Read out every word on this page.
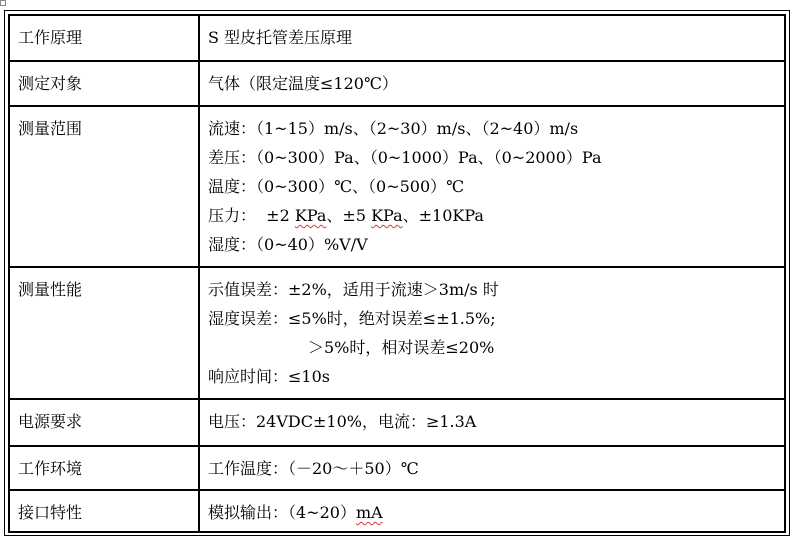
工作原理	S 型皮托管差压原理

测定对象	气体（限定温度≤120℃）

测量范围	流速：（1~15）m/s、（2~30）m/s、（2~40）m/s
差压：（0~300）Pa、（0~1000）Pa、（0~2000）Pa
温度：（0~300）℃、（0~500）℃
压力：  ±2 KPa、±5 KPa、±10KPa
湿度：（0~40）%V/V

测量性能	示值误差：±2%，适用于流速＞3m/s 时
湿度误差：≤5%时，绝对误差≤±1.5%;
＞5%时，相对误差≤20%
响应时间：≤10s

电源要求	电压：24VDC±10%，电流：≥1.3A

工作环境	工作温度：（－20～＋50）℃

接口特性	模拟输出：（4~20）mA
